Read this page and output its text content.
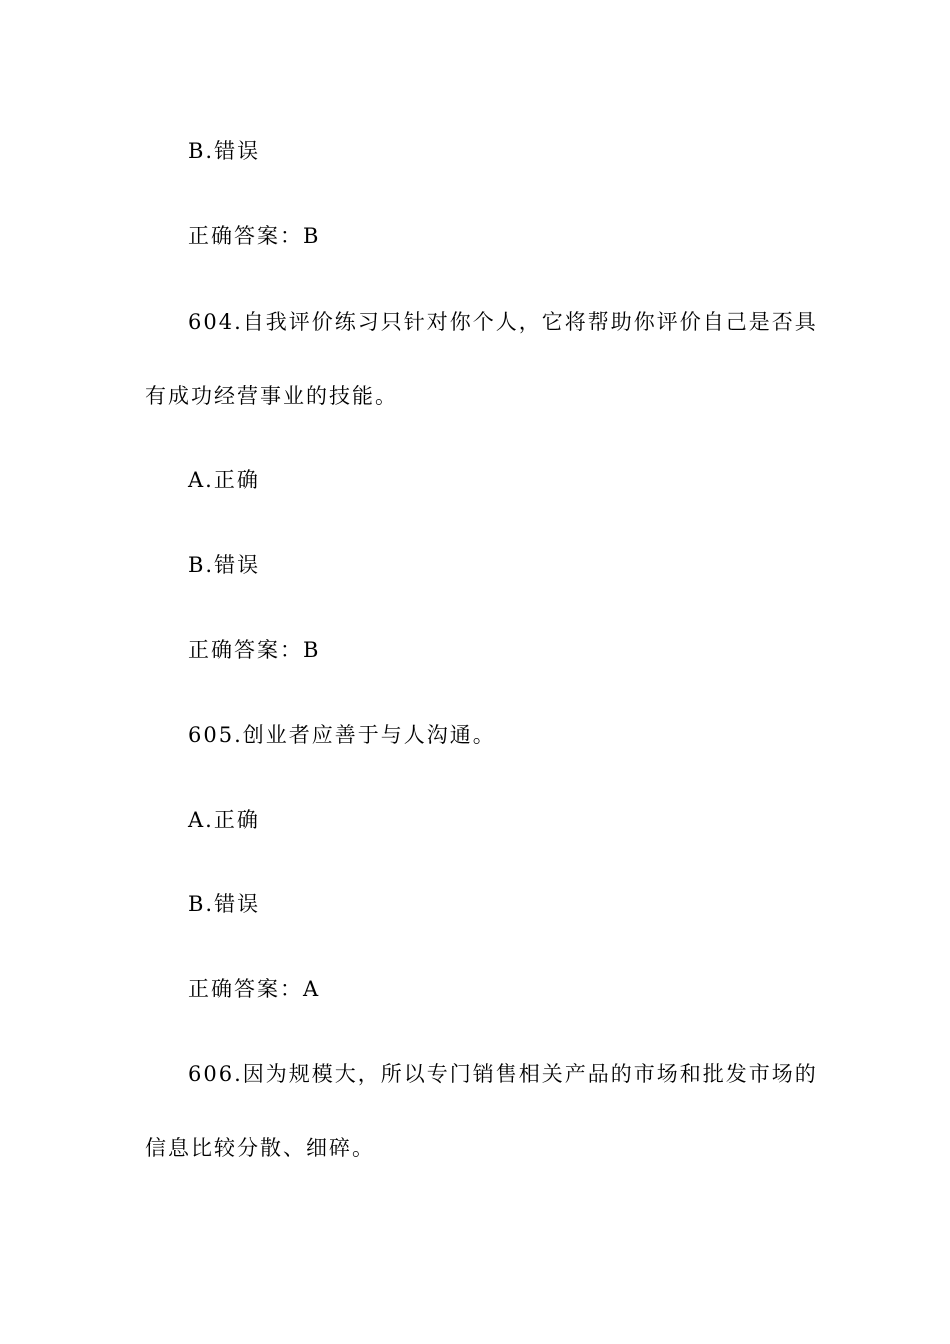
B.错误
正确答案：B
604.自我评价练习只针对你个人，它将帮助你评价自己是否具
有成功经营事业的技能。
A.正确
B.错误
正确答案：B
605.创业者应善于与人沟通。
A.正确
B.错误
正确答案：A
606.因为规模大，所以专门销售相关产品的市场和批发市场的
信息比较分散、细碎。
